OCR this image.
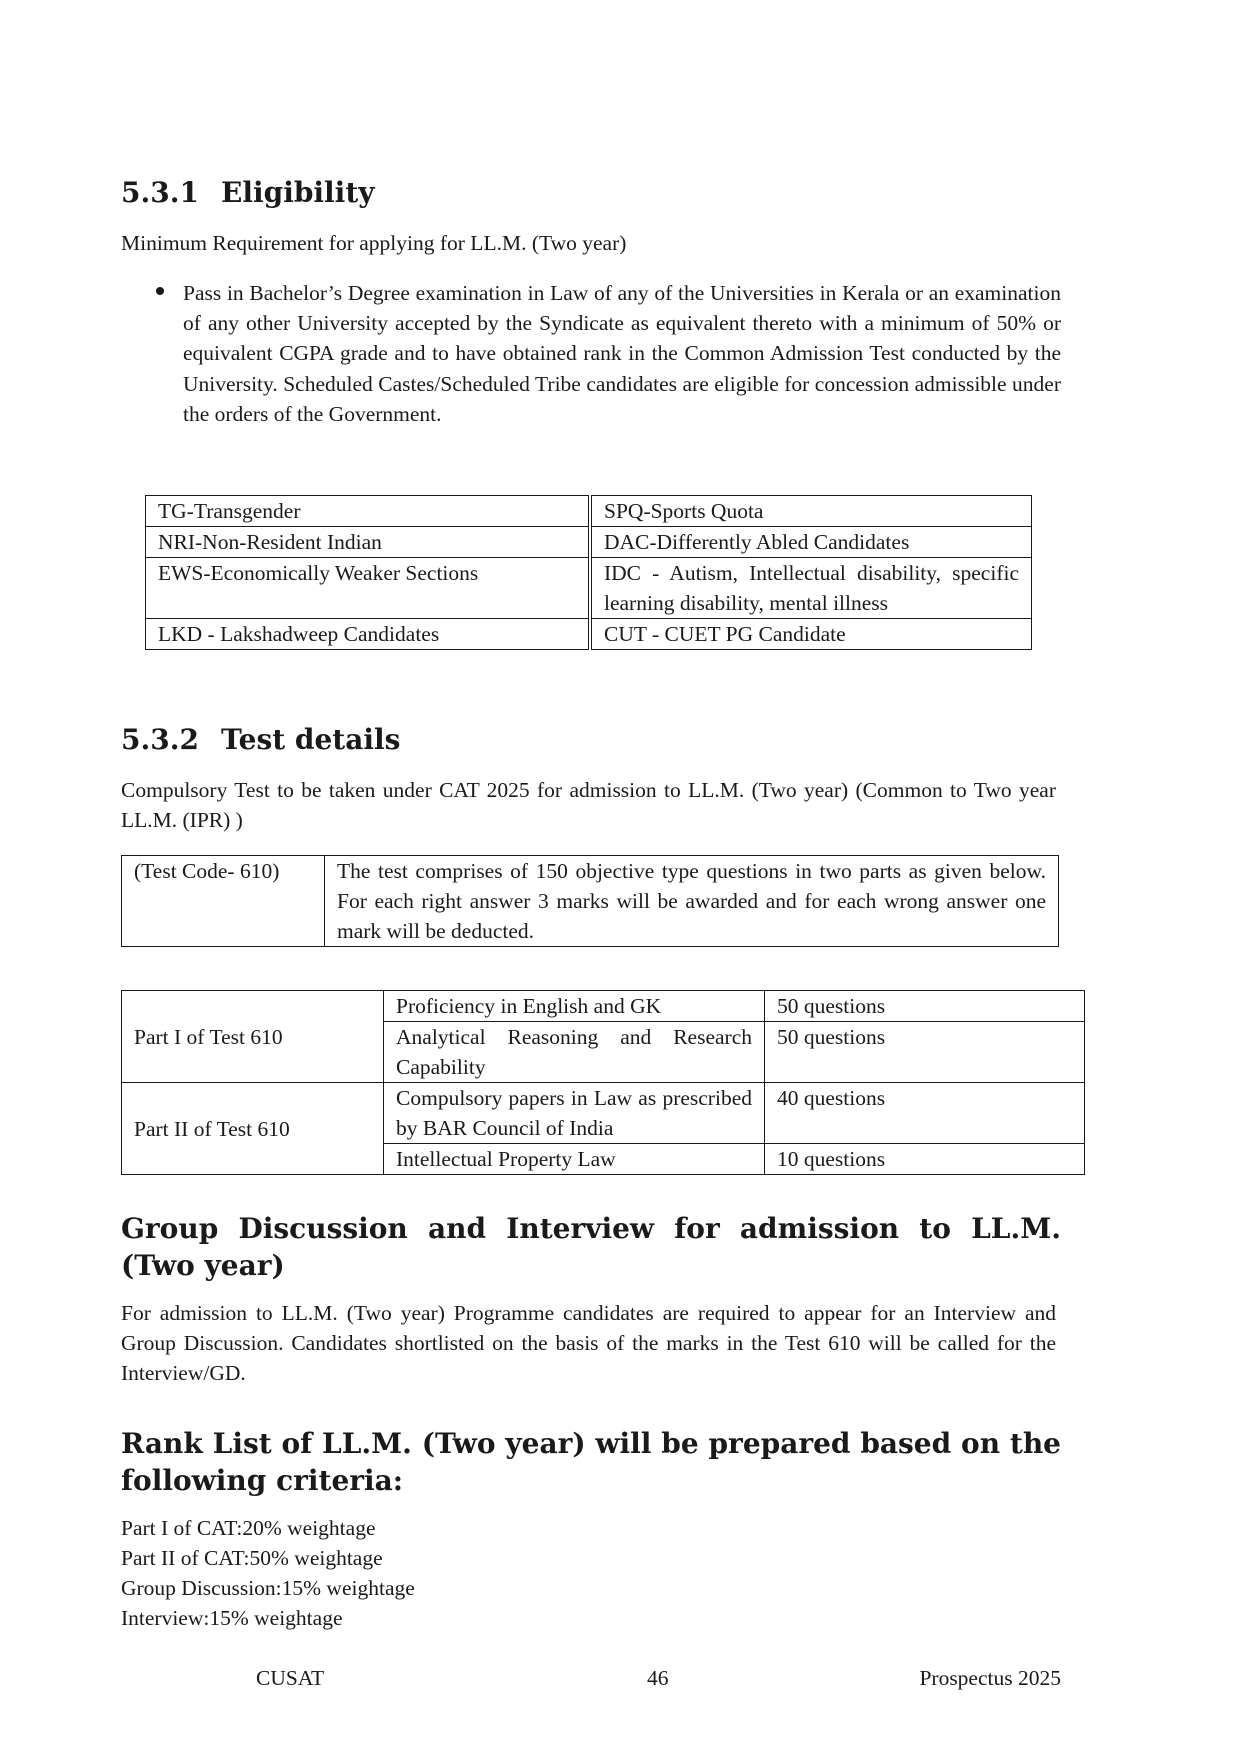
5.3.1 Eligibility

Minimum Requirement for applying for LL.M. (Two year)

Pass in Bachelor’s Degree examination in Law of any of the Universities in Kerala or an examination of any other University accepted by the Syndicate as equivalent thereto with a minimum of 50% or equivalent CGPA grade and to have obtained rank in the Common Admission Test conducted by the University. Scheduled Castes/Scheduled Tribe candidates are eligible for concession admissible under the orders of the Government.

TG-Transgender	SPQ-Sports Quota
NRI-Non-Resident Indian	DAC-Differently Abled Candidates
EWS-Economically Weaker Sections	IDC - Autism, Intellectual disability, specific learning disability, mental illness
LKD - Lakshadweep Candidates	CUT - CUET PG Candidate
5.3.2 Test details

Compulsory Test to be taken under CAT 2025 for admission to LL.M. (Two year) (Common to Two year LL.M. (IPR) )

(Test Code- 610)	The test comprises of 150 objective type questions in two parts as given below. For each right answer 3 marks will be awarded and for each wrong answer one mark will be deducted.
Part I of Test 610	Proficiency in English and GK	50 questions
	Analytical Reasoning and Research Capability	50 questions
Part II of Test 610	Compulsory papers in Law as prescribed by BAR Council of India	40 questions
	Intellectual Property Law	10 questions
Group Discussion and Interview for admission to LL.M. (Two year)

For admission to LL.M. (Two year) Programme candidates are required to appear for an Interview and Group Discussion. Candidates shortlisted on the basis of the marks in the Test 610 will be called for the Interview/GD.

Rank List of LL.M. (Two year) will be prepared based on the following criteria:

Part I of CAT:20% weightage

Part II of CAT:50% weightage

Group Discussion:15% weightage

Interview:15% weightage

CUSAT	46	Prospectus 2025
